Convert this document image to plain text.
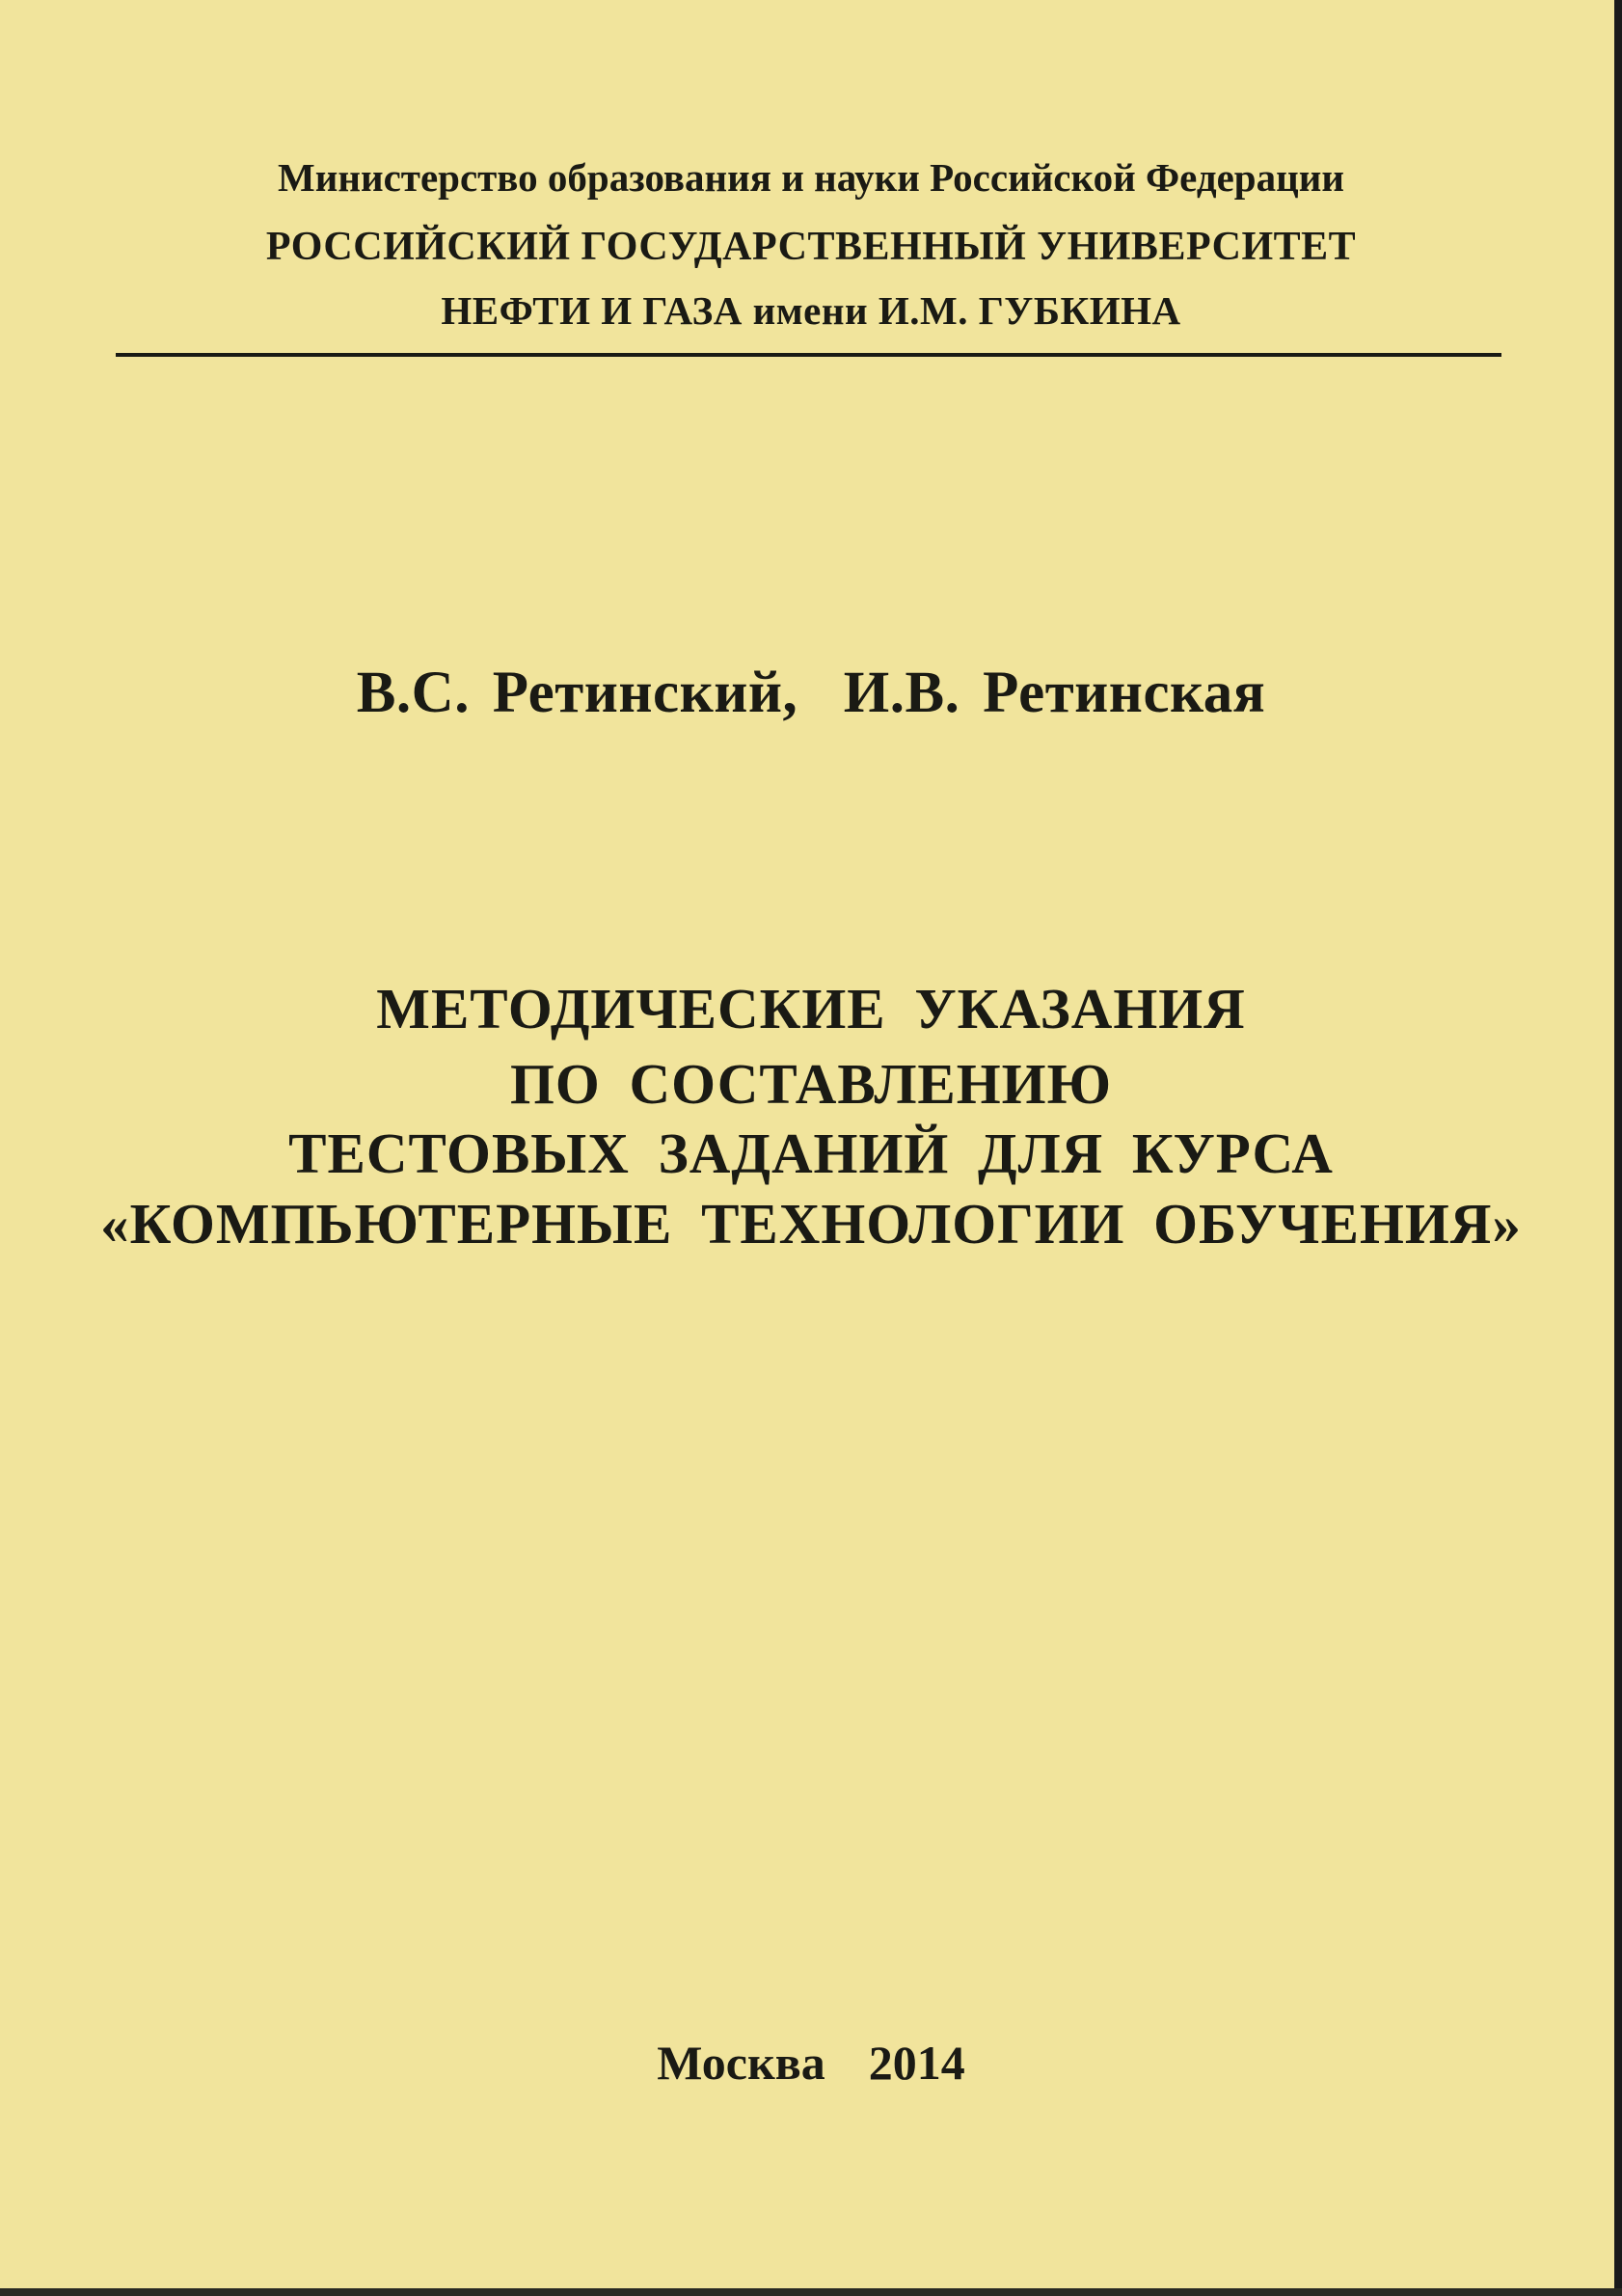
Министерство образования и науки Российской Федерации
РОССИЙСКИЙ ГОСУДАРСТВЕННЫЙ УНИВЕРСИТЕТ
НЕФТИ И ГАЗА имени И.М. ГУБКИНА
В.С. Ретинский,  И.В. Ретинская
МЕТОДИЧЕСКИЕ УКАЗАНИЯ
ПО СОСТАВЛЕНИЮ
ТЕСТОВЫХ ЗАДАНИЙ ДЛЯ КУРСА
«КОМПЬЮТЕРНЫЕ ТЕХНОЛОГИИ ОБУЧЕНИЯ»
Москва  2014
